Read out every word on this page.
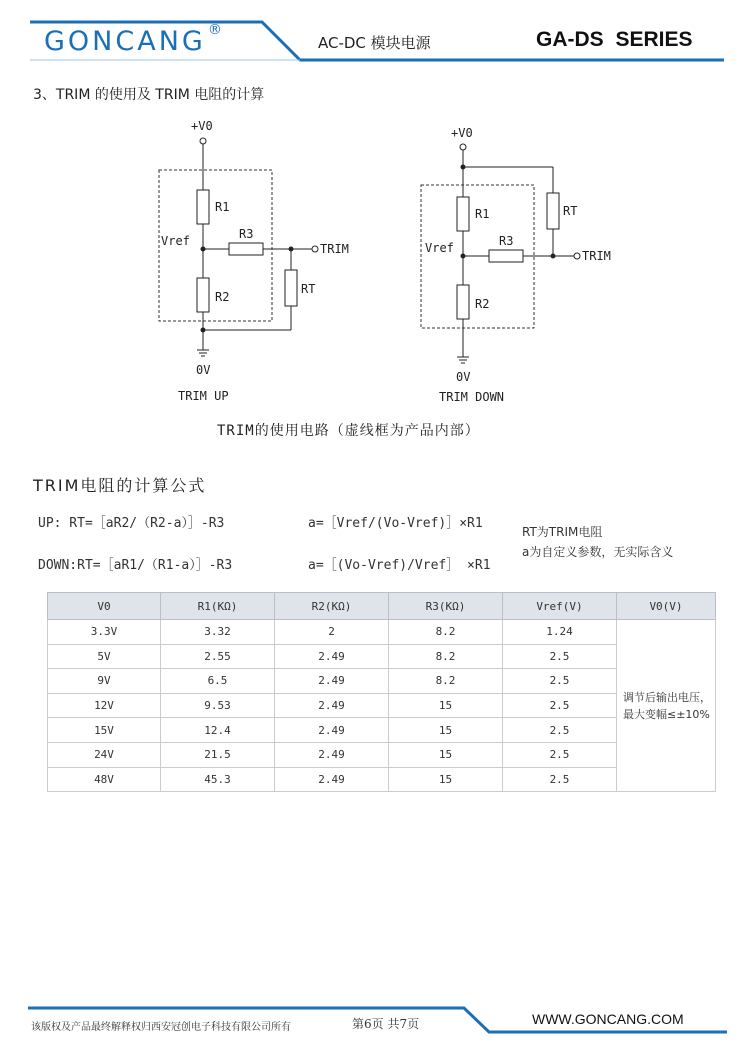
GONCANG ®
AC-DC 模块电源	GA-DS SERIES
3、TRIM 的使用及 TRIM 电阻的计算
+V0
R1
Vref	R3
TRIM
RT
R2
0V
TRIM UP
+V0
RT
R1
Vref	R3
TRIM
R2
0V
TRIM DOWN
TRIM的使用电路（虚线框为产品内部）
TRIM电阻的计算公式
UP: RT=［aR2/（R2-a）］-R3	a=［Vref/(Vo-Vref)］×R1
DOWN:RT=［aR1/（R1-a）］-R3	a=［(Vo-Vref)/Vref］ ×R1
RT为TRIM电阻
a为自定义参数，无实际含义
V0	R1(KΩ)	R2(KΩ)	R3(KΩ)	Vref(V)	V0(V)
3.3V	3.32	2	8.2	1.24	调节后输出电压，
最大变幅≤±10%
5V	2.55	2.49	8.2	2.5	
9V	6.5	2.49	8.2	2.5	
12V	9.53	2.49	15	2.5	
15V	12.4	2.49	15	2.5	
24V	21.5	2.49	15	2.5	
48V	45.3	2.49	15	2.5	
该版权及产品最终解释权归西安冠创电子科技有限公司所有	第6页 共7页	WWW.GONCANG.COM
